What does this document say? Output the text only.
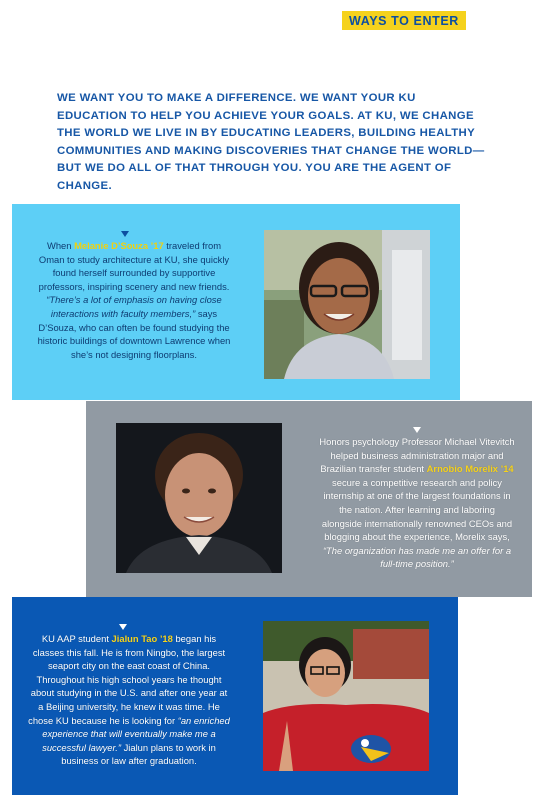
WAYS TO ENTER

WE WANT YOU TO MAKE A DIFFERENCE. WE WANT YOUR KU EDUCATION TO HELP YOU ACHIEVE YOUR GOALS. AT KU, WE CHANGE THE WORLD WE LIVE IN BY EDUCATING LEADERS, BUILDING HEALTHY COMMUNITIES AND MAKING DISCOVERIES THAT CHANGE THE WORLD—BUT WE DO ALL OF THAT THROUGH YOU. YOU ARE THE AGENT OF CHANGE.

When Melanie D’Souza ’17 traveled from Oman to study architecture at KU, she quickly found herself surrounded by supportive professors, inspiring scenery and new friends. “There’s a lot of emphasis on having close interactions with faculty members,” says D’Souza, who can often be found studying the historic buildings of downtown Lawrence when she’s not designing floorplans.

Honors psychology Professor Michael Vitevitch helped business administration major and Brazilian transfer student Arnobio Morelix ’14 secure a competitive research and policy internship at one of the largest foundations in the nation. After learning and laboring alongside internationally renowned CEOs and blogging about the experience, Morelix says, “The organization has made me an offer for a full-time position.”

KU AAP student Jialun Tao ’18 began his classes this fall. He is from Ningbo, the largest seaport city on the east coast of China. Throughout his high school years he thought about studying in the U.S. and after one year at a Beijing university, he knew it was time. He chose KU because he is looking for “an enriched experience that will eventually make me a successful lawyer.” Jialun plans to work in business or law after graduation.
